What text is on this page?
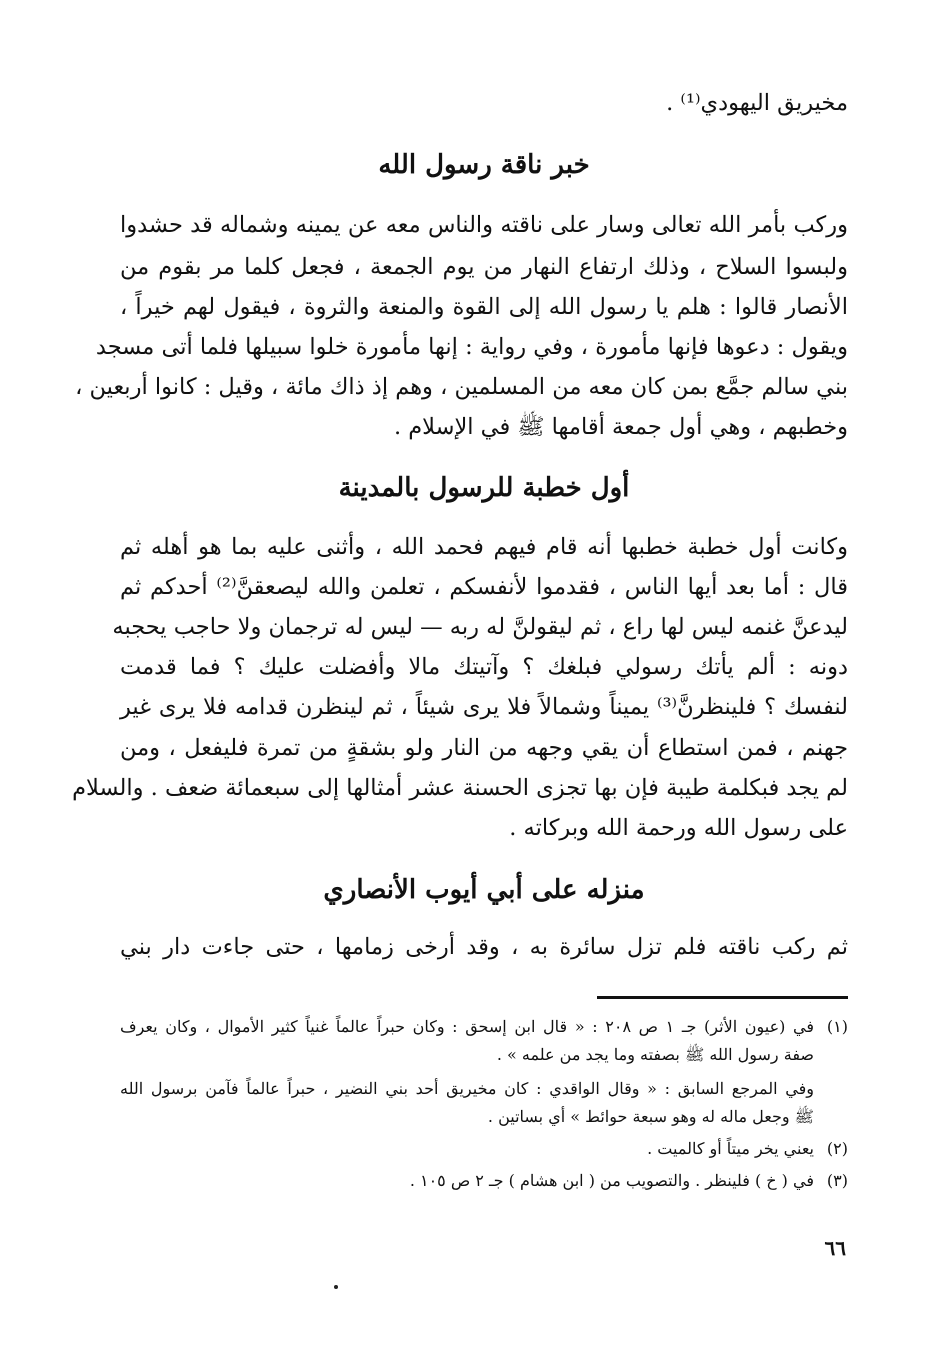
مخيريق اليهودي⁽¹⁾ .
خبر ناقة رسول الله
وركب بأمر الله تعالى وسار على ناقته والناس معه عن يمينه وشماله قد حشدوا
ولبسوا السلاح ، وذلك ارتفاع النهار من يوم الجمعة ، فجعل كلما مر بقوم من
الأنصار قالوا : هلم يا رسول الله إلى القوة والمنعة والثروة ، فيقول لهم خيراً ،
ويقول : دعوها فإنها مأمورة ، وفي رواية : إنها مأمورة خلوا سبيلها فلما أتى مسجد
بني سالم جمَّع بمن كان معه من المسلمين ، وهم إذ ذاك مائة ، وقيل : كانوا أربعين ،
وخطبهم ، وهي أول جمعة أقامها ﷺ في الإسلام .
أول خطبة للرسول بالمدينة
وكانت أول خطبة خطبها أنه قام فيهم فحمد الله ، وأثنى عليه بما هو أهله ثم
قال : أما بعد أيها الناس ، فقدموا لأنفسكم ، تعلمن والله ليصعقنَّ⁽²⁾ أحدكم ثم
ليدعنَّ غنمه ليس لها راع ، ثم ليقولنَّ له ربه — ليس له ترجمان ولا حاجب يحجبه
دونه : ألم يأتك رسولي فبلغك ؟ وآتيتك مالا وأفضلت عليك ؟ فما قدمت
لنفسك ؟ فلينظرنَّ⁽³⁾ يميناً وشمالاً فلا يرى شيئاً ، ثم لينظرن قدامه فلا يرى غير
جهنم ، فمن استطاع أن يقي وجهه من النار ولو بشقةٍ من تمرة فليفعل ، ومن
لم يجد فبكلمة طيبة فإن بها تجزى الحسنة عشر أمثالها إلى سبعمائة ضعف . والسلام
على رسول الله ورحمة الله وبركاته .
منزله على أبي أيوب الأنصاري
ثم ركب ناقته فلم تزل سائرة به ، وقد أرخى زمامها ، حتى جاءت دار بني
(١)في (عيون الأثر) جـ ١ ص ٢٠٨ : « قال ابن إسحق : وكان حبراً عالماً غنياً كثير الأموال ، وكان يعرف
صفة رسول الله ﷺ بصفته وما يجد من علمه » .
وفي المرجع السابق : « وقال الواقدي : كان مخيريق أحد بني النضير ، حبراً عالماً فآمن برسول الله
ﷺ وجعل ماله له وهو سبعة حوائط » أي بساتين .
(٢)يعني يخر ميتاً أو كالميت .
(٣)في ( خ ) فلينظر . والتصويب من ( ابن هشام ) جـ ٢ ص ١٠٥ .
٦٦
